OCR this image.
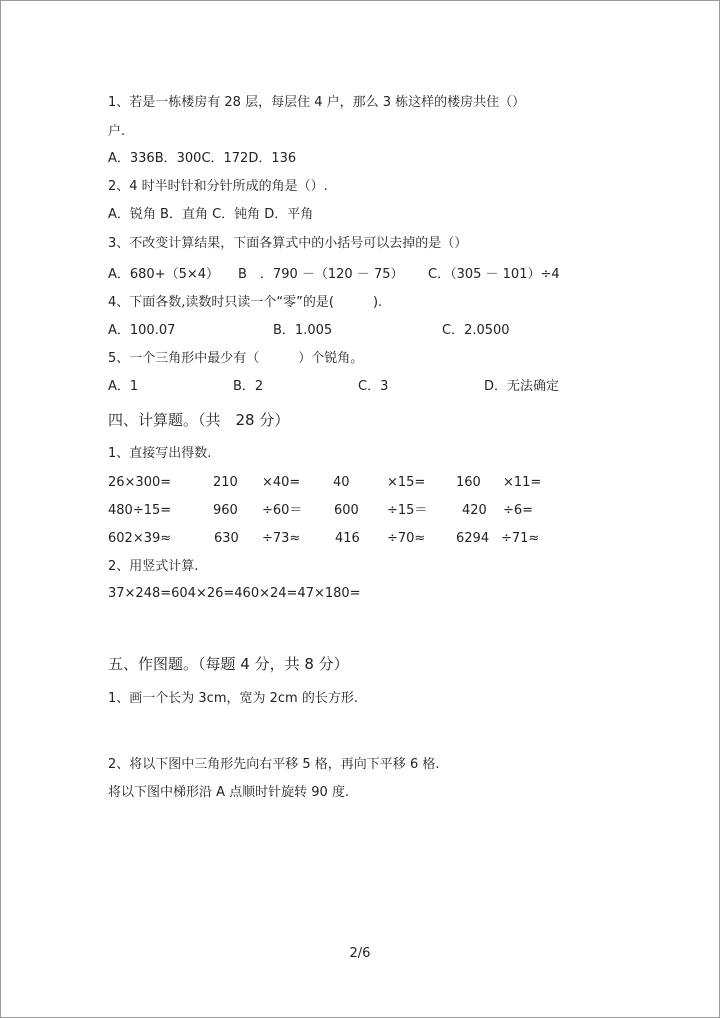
1、若是一栋楼房有 28 层，每层住 4 户，那么 3 栋这样的楼房共住（）
户.
A．336B．300C．172D．136
2、4 时半时针和分针所成的角是（）.
A．锐角 B．直角 C．钝角 D．平角
3、不改变计算结果，下面各算式中的小括号可以去掉的是（）
A．680+（5×4） B　．790 －（120 － 75） C．（305 － 101）÷4
4、下面各数,读数时只读一个“零”的是(　　　).
A．100.07	B．1.005	C．2.0500
5、一个三角形中最少有（　　　）个锐角。
A．1	B．2	C．3	D．无法确定
四、计算题。（共　28 分）
1、直接写出得数.
26×300=	210 ×40=	40	×15= 160 ×11=
480÷15=	960 ÷60＝ 600 ÷15＝	420 ÷6=
602×39≈	630 ÷73≈	416 ÷70≈ 6294 ÷71≈
2、用竖式计算.
37×248=604×26=460×24=47×180=
五、作图题。（每题 4 分，共 8 分）
1、画一个长为 3cm，宽为 2cm 的长方形.
2、将以下图中三角形先向右平移 5 格，再向下平移 6 格.
将以下图中梯形沿 A 点顺时针旋转 90 度.
2/6
